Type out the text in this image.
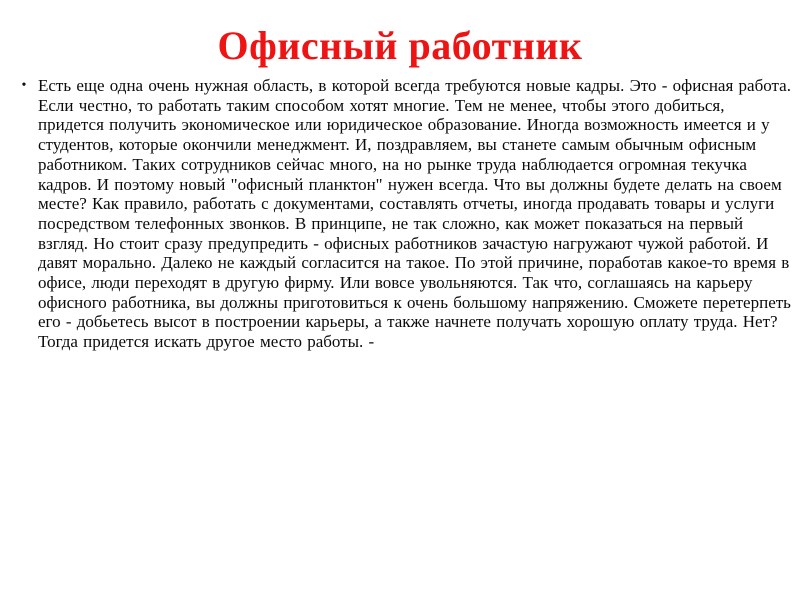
Офисный работник
• Есть еще одна очень нужная область, в которой всегда требуются новые кадры. Это - офисная работа. Если честно, то работать таким способом хотят многие. Тем не менее, чтобы этого добиться, придется получить экономическое или юридическое образование. Иногда возможность имеется и у студентов, которые окончили менеджмент. И, поздравляем, вы станете самым обычным офисным работником. Таких сотрудников сейчас много, на но рынке труда наблюдается огромная текучка кадров. И поэтому новый "офисный планктон" нужен всегда. Что вы должны будете делать на своем месте? Как правило, работать с документами, составлять отчеты, иногда продавать товары и услуги посредством телефонных звонков. В принципе, не так сложно, как может показаться на первый взгляд. Но стоит сразу предупредить - офисных работников зачастую нагружают чужой работой. И давят морально. Далеко не каждый согласится на такое. По этой причине, поработав какое-то время в офисе, люди переходят в другую фирму. Или вовсе увольняются. Так что, соглашаясь на карьеру офисного работника, вы должны приготовиться к очень большому напряжению. Сможете перетерпеть его - добьетесь высот в построении карьеры, а также начнете получать хорошую оплату труда. Нет? Тогда придется искать другое место работы. -
